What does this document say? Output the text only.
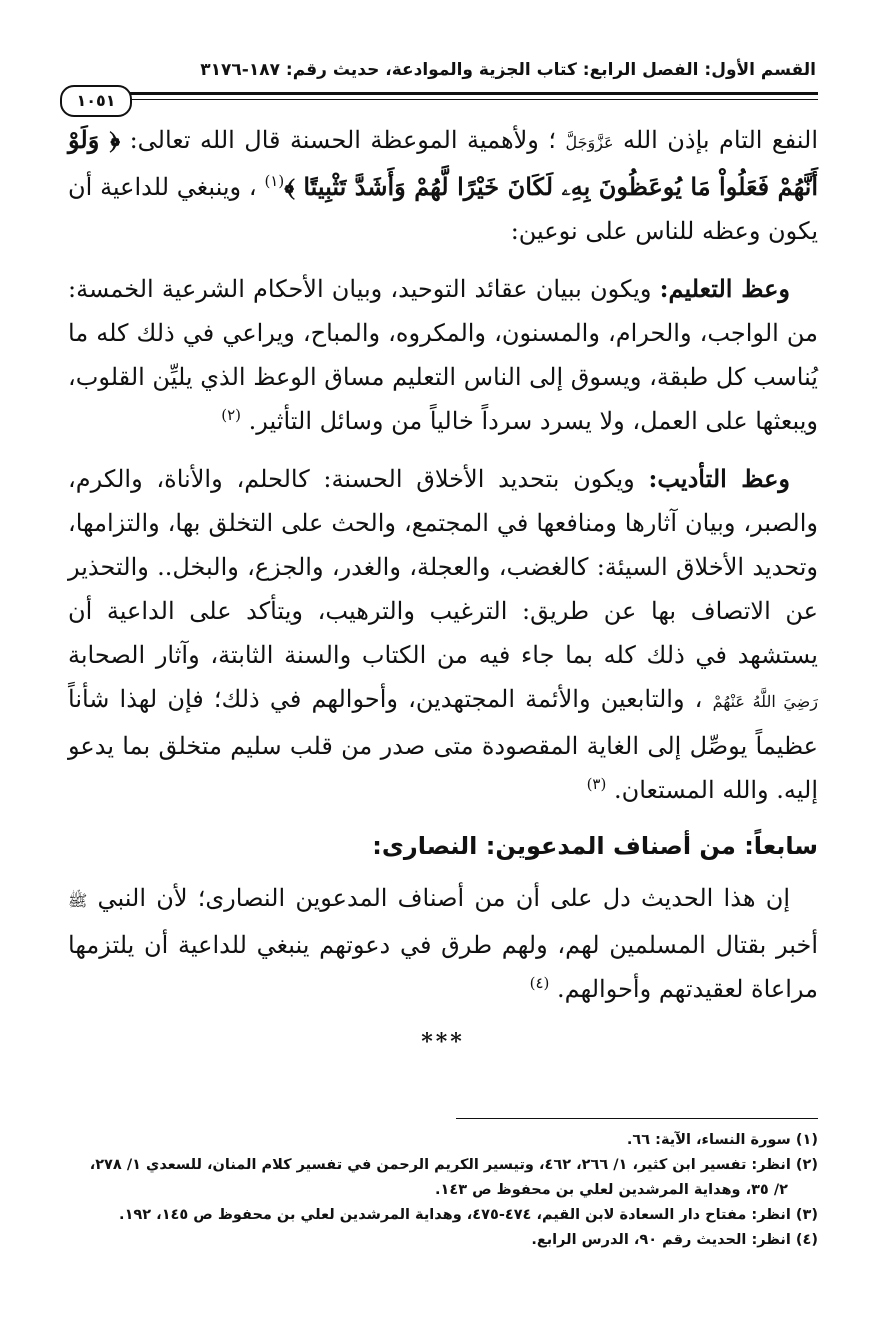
القسم الأول: الفصل الرابع: كتاب الجزية والموادعة، حديث رقم: ١٨٧-٣١٧٦
١٠٥١

النفع التام بإذن الله عَزَّوَجَلَّ ؛ ولأهمية الموعظة الحسنة قال الله تعالى: ﴿ وَلَوْ أَنَّهُمْ فَعَلُواْ مَا يُوعَظُونَ بِهِۦ لَكَانَ خَيْرًا لَّهُمْ وَأَشَدَّ تَثْبِيتًا ﴾$^{(١)}$ ، وينبغي للداعية أن يكون وعظه للناس على نوعين:

وعظ التعليم: ويكون ببيان عقائد التوحيد، وبيان الأحكام الشرعية الخمسة: من الواجب، والحرام، والمسنون، والمكروه، والمباح، ويراعي في ذلك كله ما يُناسب كل طبقة، ويسوق إلى الناس التعليم مساق الوعظ الذي يليِّن القلوب، ويبعثها على العمل، ولا يسرد سرداً خالياً من وسائل التأثير. $^{(٢)}$

وعظ التأديب: ويكون بتحديد الأخلاق الحسنة: كالحلم، والأناة، والكرم، والصبر، وبيان آثارها ومنافعها في المجتمع، والحث على التخلق بها، والتزامها، وتحديد الأخلاق السيئة: كالغضب، والعجلة، والغدر، والجزع، والبخل.. والتحذير عن الاتصاف بها عن طريق: الترغيب والترهيب، ويتأكد على الداعية أن يستشهد في ذلك كله بما جاء فيه من الكتاب والسنة الثابتة، وآثار الصحابة رَضِيَ اللَّهُ عَنْهُمْ ، والتابعين والأئمة المجتهدين، وأحوالهم في ذلك؛ فإن لهذا شأناً عظيماً يوصِّل إلى الغاية المقصودة متى صدر من قلب سليم متخلق بما يدعو إليه. والله المستعان. $^{(٣)}$

سابعاً: من أصناف المدعوين: النصارى:

إن هذا الحديث دل على أن من أصناف المدعوين النصارى؛ لأن النبي ﷺ أخبر بقتال المسلمين لهم، ولهم طرق في دعوتهم ينبغي للداعية أن يلتزمها مراعاة لعقيدتهم وأحوالهم. $^{(٤)}$

***

(١) سورة النساء، الآية: ٦٦.

(٢) انظر: تفسير ابن كثير، ١/ ٢٦٦، ٤٦٢، وتيسير الكريم الرحمن في تفسير كلام المنان، للسعدي ١/ ٢٧٨،

٢/ ٣٥، وهداية المرشدين لعلي بن محفوظ ص ١٤٣.

(٣) انظر: مفتاح دار السعادة لابن القيم، ٤٧٤-٤٧٥، وهداية المرشدين لعلي بن محفوظ ص ١٤٥، ١٩٢.

(٤) انظر: الحديث رقم ٩٠، الدرس الرابع.
